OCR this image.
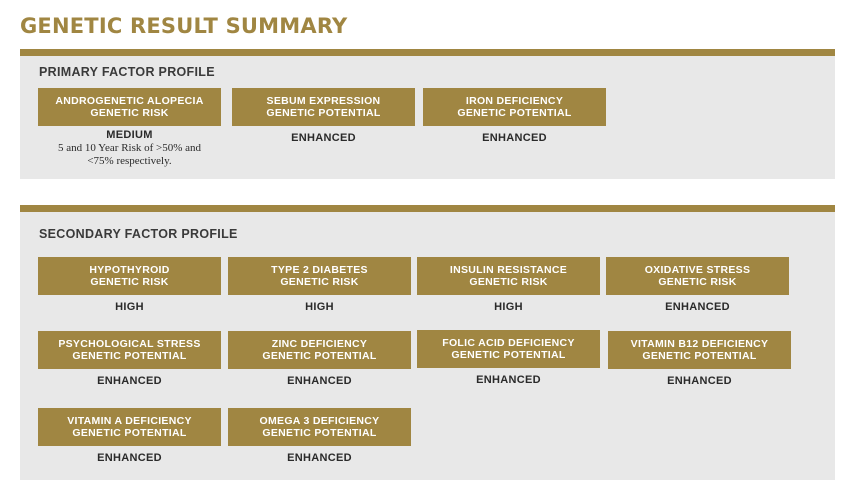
GENETIC RESULT SUMMARY
PRIMARY FACTOR PROFILE
ANDROGENETIC ALOPECIA
GENETIC RISK
MEDIUM
5 and 10 Year Risk of >50% and
<75% respectively.
SEBUM EXPRESSION
GENETIC POTENTIAL
ENHANCED
IRON DEFICIENCY
GENETIC POTENTIAL
ENHANCED
SECONDARY FACTOR PROFILE
HYPOTHYROID
GENETIC RISK
HIGH
TYPE 2 DIABETES
GENETIC RISK
HIGH
INSULIN RESISTANCE
GENETIC RISK
HIGH
OXIDATIVE STRESS
GENETIC RISK
ENHANCED
PSYCHOLOGICAL STRESS
GENETIC POTENTIAL
ENHANCED
ZINC DEFICIENCY
GENETIC POTENTIAL
ENHANCED
FOLIC ACID DEFICIENCY
GENETIC POTENTIAL
ENHANCED
VITAMIN B12 DEFICIENCY
GENETIC POTENTIAL
ENHANCED
VITAMIN A DEFICIENCY
GENETIC POTENTIAL
ENHANCED
OMEGA 3 DEFICIENCY
GENETIC POTENTIAL
ENHANCED
